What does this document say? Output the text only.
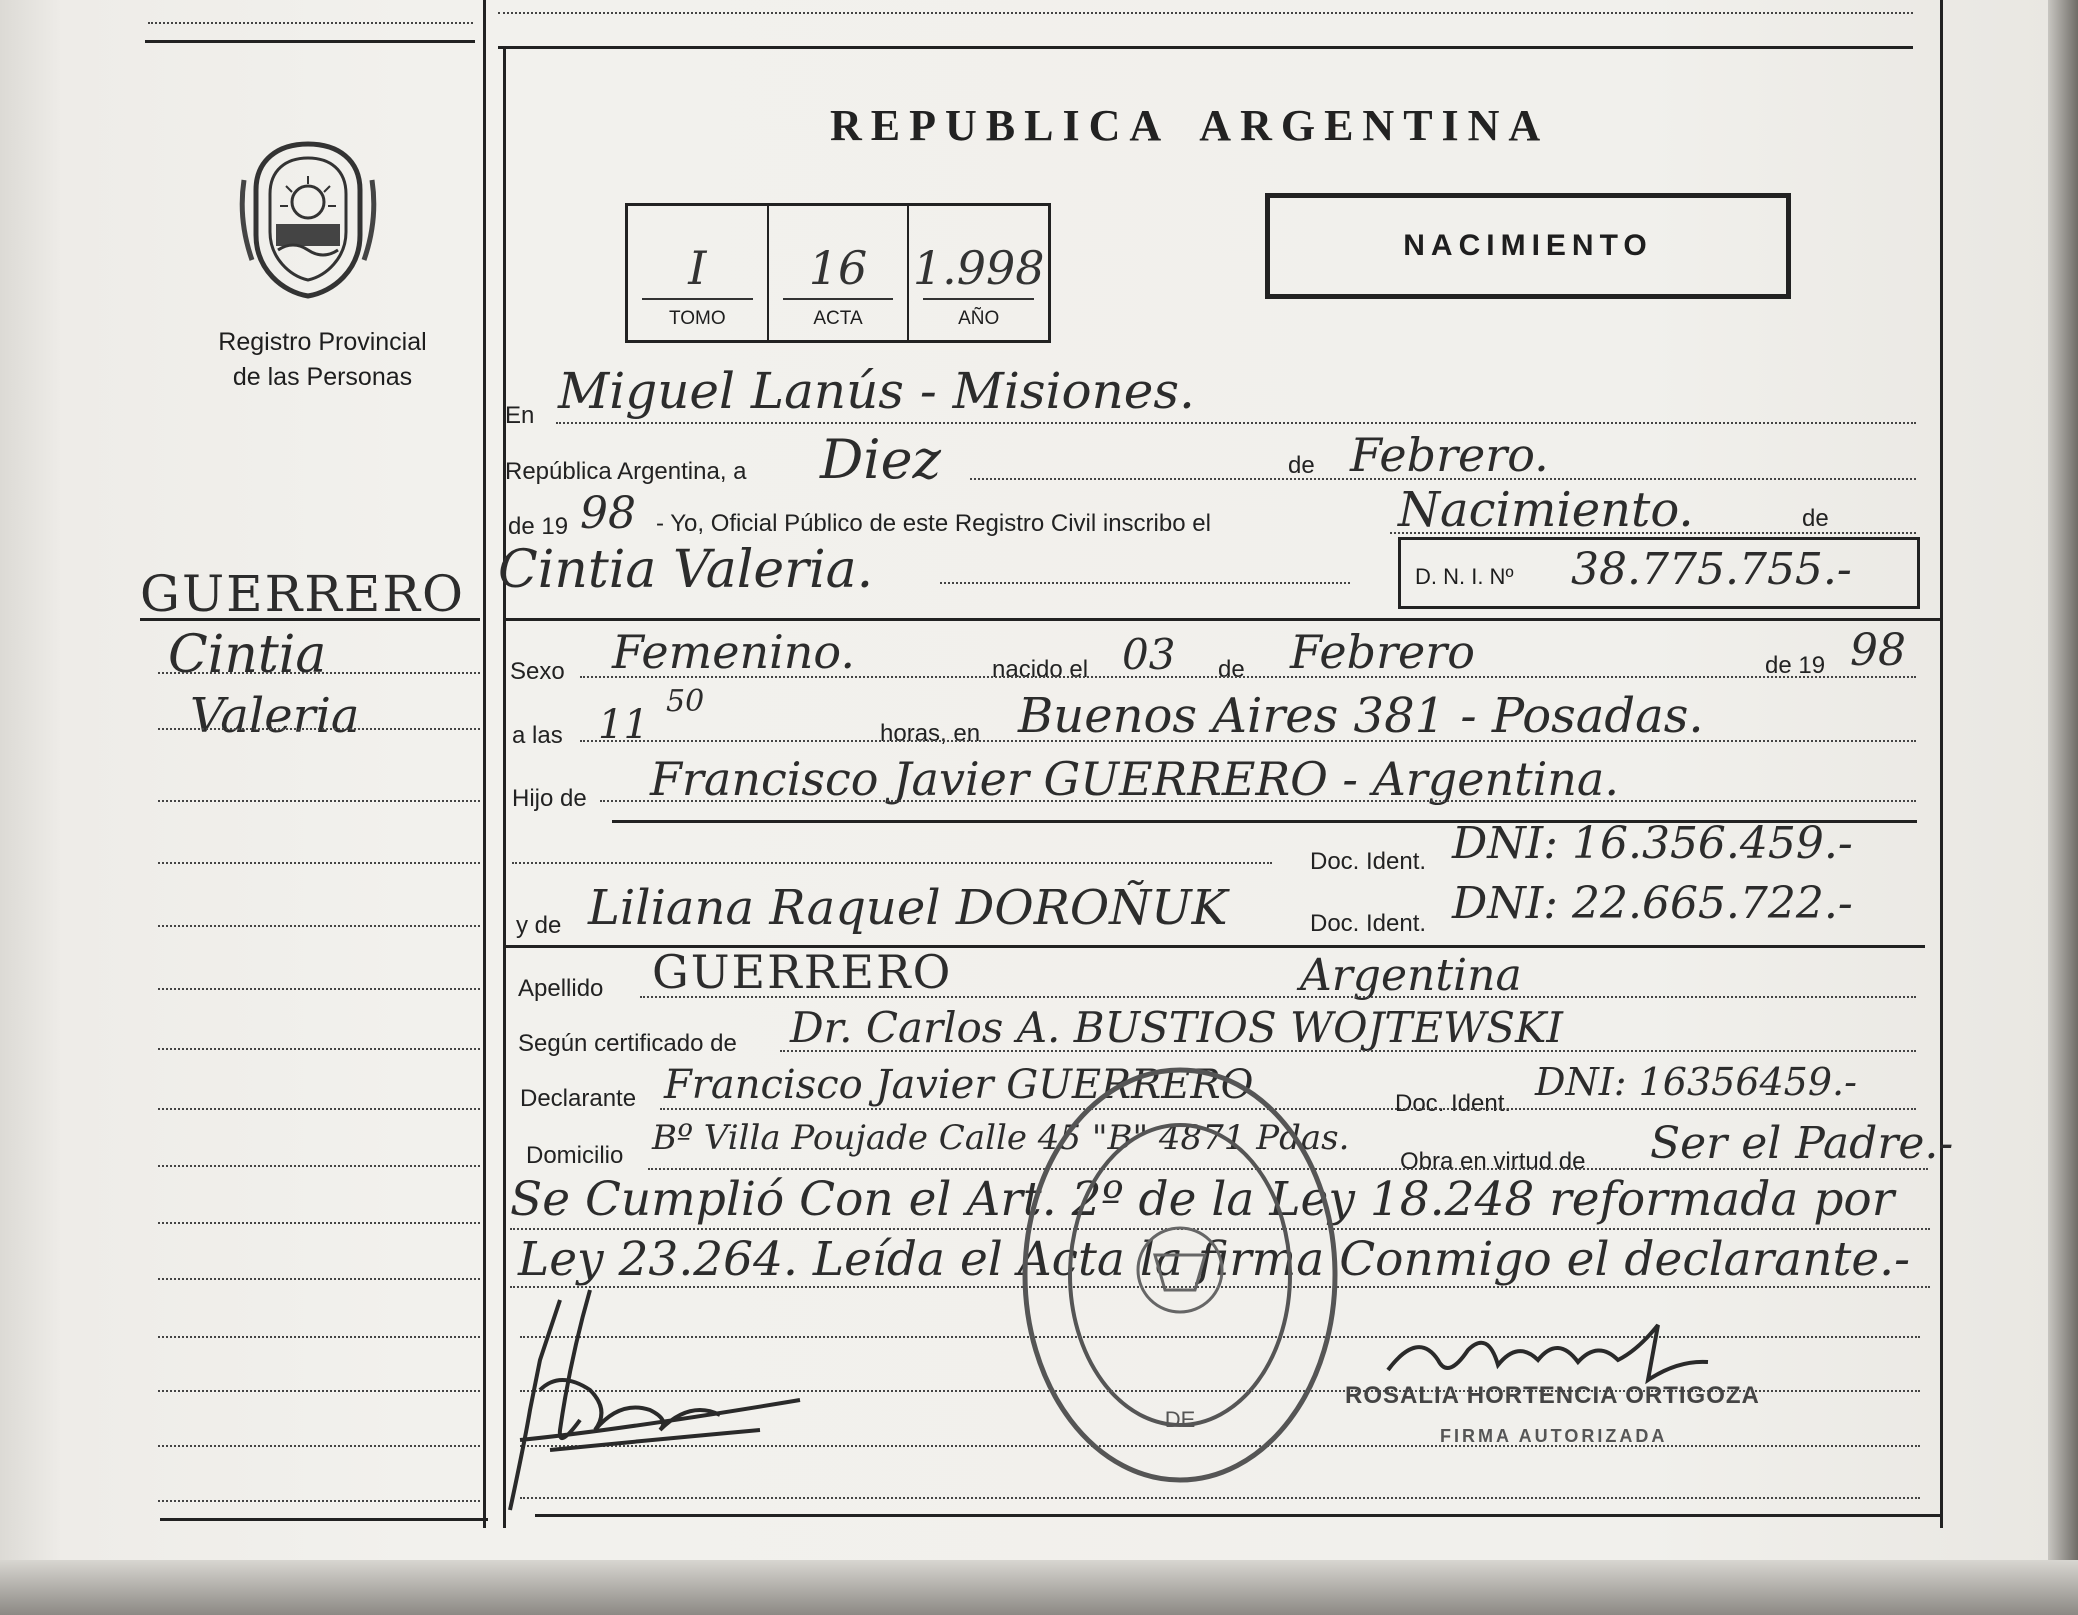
Registro Provincial
de las Personas
GUERRERO
Cintia
Valeria
REPUBLICA ARGENTINA
I
TOMO
16
ACTA
1.998
AÑO
NACIMIENTO
En Miguel Lanús - Misiones.
República Argentina, a Diez	de Febrero.
de 19 98 - Yo, Oficial Público de este Registro Civil inscribo el	Nacimiento.	de
Cintia Valeria.	D. N. I. Nº 38.775.755.-
Sexo Femenino.	nacido el 03 de Febrero	de 19 98
a las 11
50
horas, en Buenos Aires 381 - Posadas.
Hijo de Francisco Javier GUERRERO - Argentina.
Doc. Ident. DNI: 16.356.459.-
y de Liliana Raquel DOROÑUK	Doc. Ident. DNI: 22.665.722.-
Apellido GUERRERO	Argentina
Según certificado de Dr. Carlos A. BUSTIOS WOJTEWSKI
Declarante Francisco Javier GUERRERO	Doc. Ident. DNI: 16356459.-
Domicilio Bº Villa Poujade Calle 45 "B" 4871 Pdas.
Obra en virtud de Ser el Padre.-
Se Cumplió Con el Art. 2º de la Ley 18.248 reformada por
Ley 23.264. Leída el Acta la firma Conmigo el declarante.-
DE
ROSALIA HORTENCIA ORTIGOZA
FIRMA AUTORIZADA
